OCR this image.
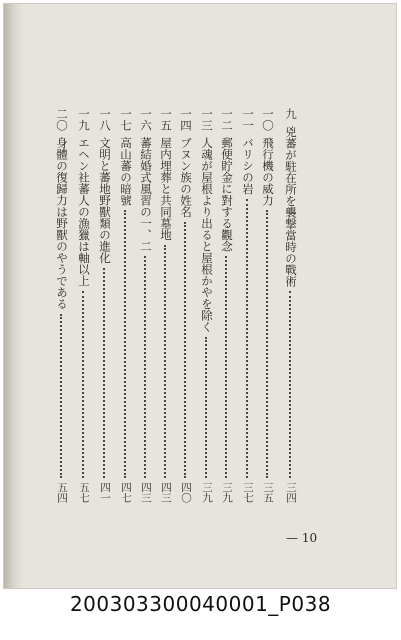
九
兇蕃が駐在所を襲撃當時の戰術
三四
一〇
飛行機の威力
三五
一一
バリシの岩
三七
一二
郵便貯金に對する觀念
三九
一三
人魂が屋根より出ると屋根かやを除く
三九
一四
ブヌン族の姓名
四〇
一五
屋内埋葬と共同墓地
四三
一六
蕃結婚式風習の一、二
四三
一七
高山蕃の暗號
四七
一八
文明と蕃地野獸類の進化
四一
一九
エヘン社蕃人の漁獵は軸以上
五七
二〇
身體の復歸力は野獸のやうである
五四
— 10
200303300040001_P038
